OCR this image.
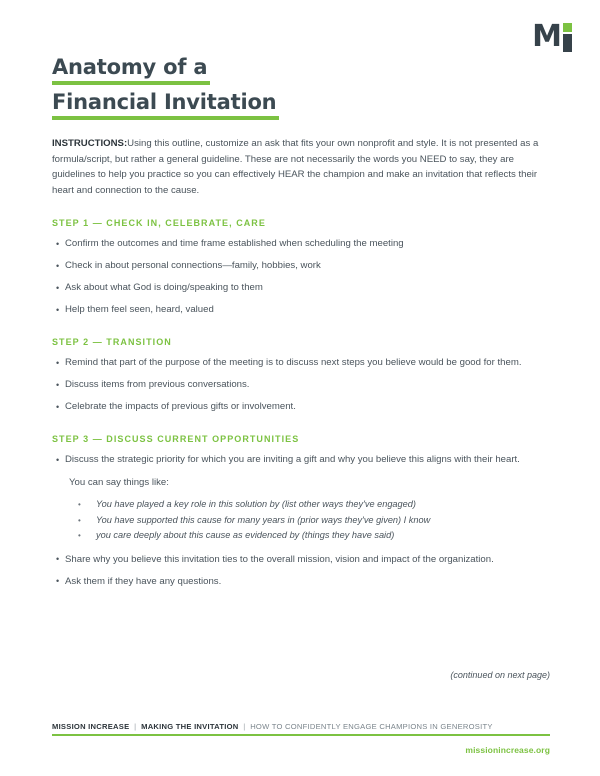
M
Anatomy of a
Financial Invitation

INSTRUCTIONS:Using this outline, customize an ask that fits your own nonprofit and style. It is not presented as a formula/script, but rather a general guideline. These are not necessarily the words you NEED to say, they are guidelines to help you practice so you can effectively HEAR the champion and make an invitation that reflects their heart and connection to the cause.

STEP 1 — CHECK IN, CELEBRATE, CARE
• Confirm the outcomes and time frame established when scheduling the meeting
• Check in about personal connections—family, hobbies, work
• Ask about what God is doing/speaking to them
• Help them feel seen, heard, valued
STEP 2 — TRANSITION
• Remind that part of the purpose of the meeting is to discuss next steps you believe would be good for them.
• Discuss items from previous conversations.
• Celebrate the impacts of previous gifts or involvement.
STEP 3 — DISCUSS CURRENT OPPORTUNITIES
• Discuss the strategic priority for which you are inviting a gift and why you believe this aligns with their heart.
You can say things like:
• You have played a key role in this solution by (list other ways they've engaged)
• You have supported this cause for many years in (prior ways they've given) I know
• you care deeply about this cause as evidenced by (things they have said)
• Share why you believe this invitation ties to the overall mission, vision and impact of the organization.
• Ask them if they have any questions.
(continued on next page)
MISSION INCREASE | MAKING THE INVITATION | HOW TO CONFIDENTLY ENGAGE CHAMPIONS IN GENEROSITY
missionincrease.org
